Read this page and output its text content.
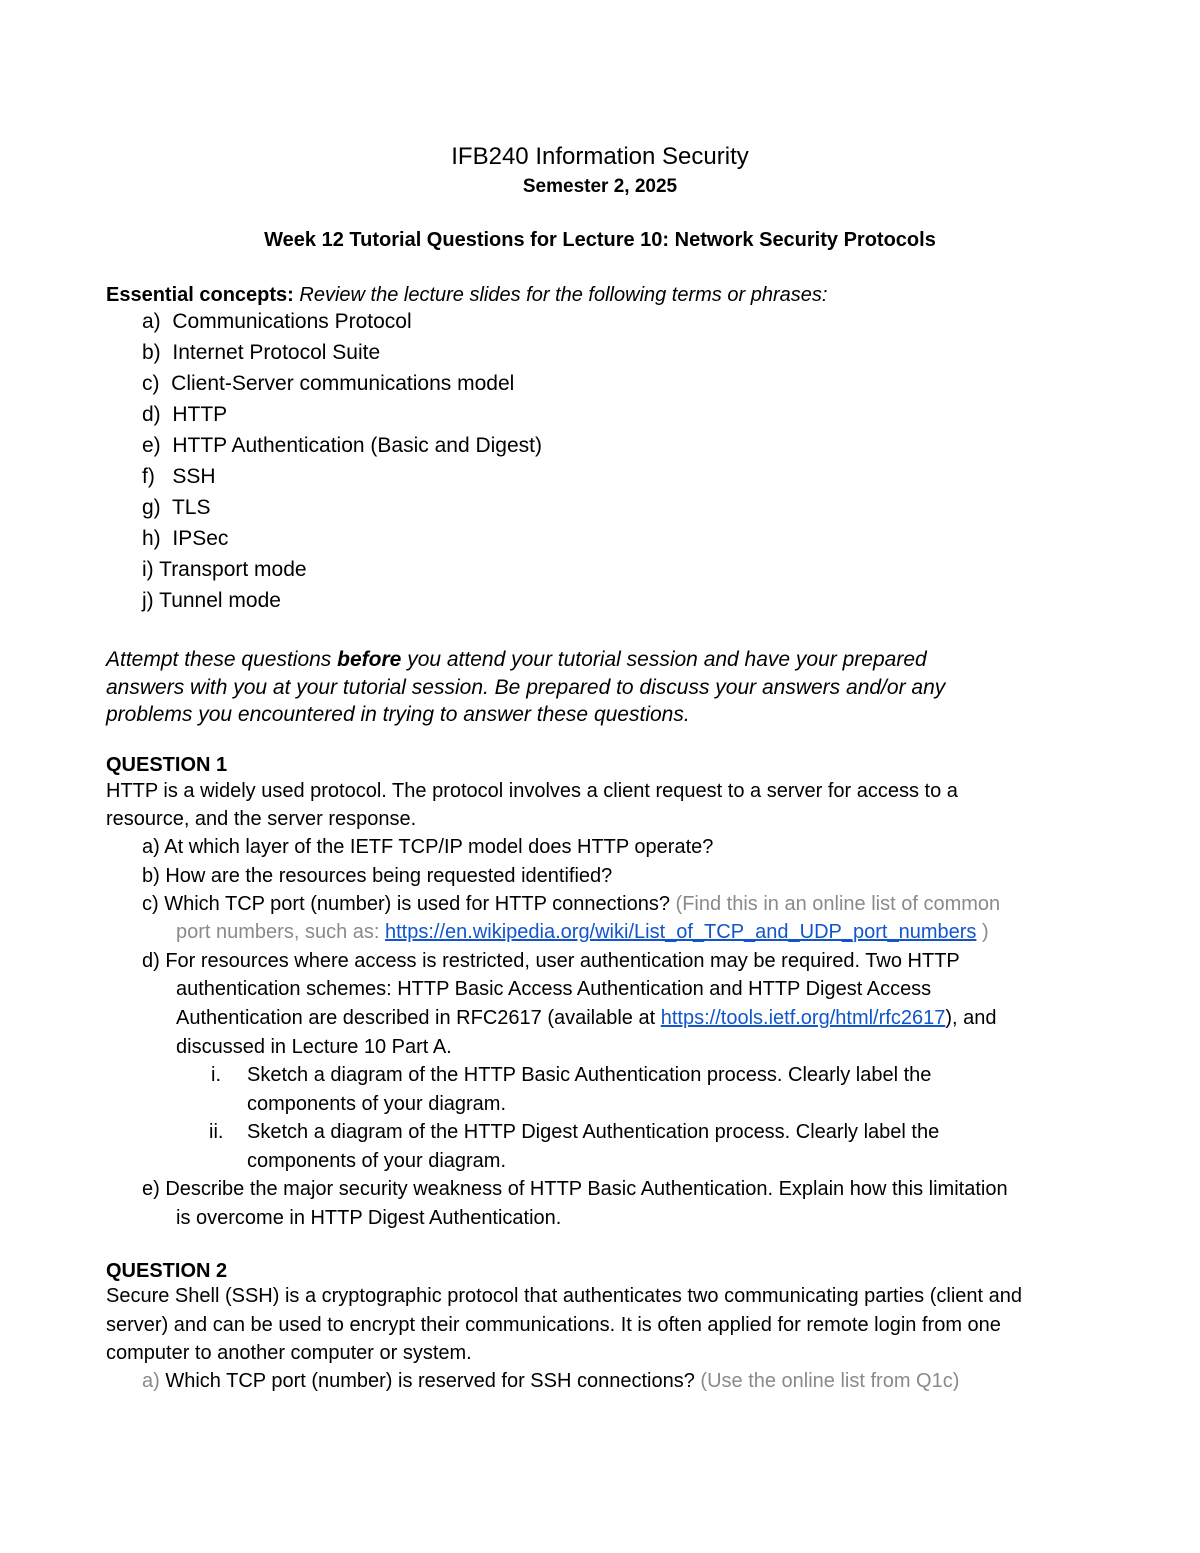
IFB240 Information Security
Semester 2, 2025
Week 12 Tutorial Questions for Lecture 10: Network Security Protocols
Essential concepts: Review the lecture slides for the following terms or phrases:
a) Communications Protocol
b) Internet Protocol Suite
c) Client-Server communications model
d) HTTP
e) HTTP Authentication (Basic and Digest)
f) SSH
g) TLS
h) IPSec
i) Transport mode
j) Tunnel mode
Attempt these questions before you attend your tutorial session and have your prepared
answers with you at your tutorial session. Be prepared to discuss your answers and/or any
problems you encountered in trying to answer these questions.
QUESTION 1
HTTP is a widely used protocol. The protocol involves a client request to a server for access to a
resource, and the server response.
a) At which layer of the IETF TCP/IP model does HTTP operate?
b) How are the resources being requested identified?
c) Which TCP port (number) is used for HTTP connections? (Find this in an online list of common
port numbers, such as: https://en.wikipedia.org/wiki/List_of_TCP_and_UDP_port_numbers )
d) For resources where access is restricted, user authentication may be required. Two HTTP
authentication schemes: HTTP Basic Access Authentication and HTTP Digest Access
Authentication are described in RFC2617 (available at https://tools.ietf.org/html/rfc2617), and
discussed in Lecture 10 Part A.
i. Sketch a diagram of the HTTP Basic Authentication process. Clearly label the
components of your diagram.
ii. Sketch a diagram of the HTTP Digest Authentication process. Clearly label the
components of your diagram.
e) Describe the major security weakness of HTTP Basic Authentication. Explain how this limitation
is overcome in HTTP Digest Authentication.
QUESTION 2
Secure Shell (SSH) is a cryptographic protocol that authenticates two communicating parties (client and
server) and can be used to encrypt their communications. It is often applied for remote login from one
computer to another computer or system.
a) Which TCP port (number) is reserved for SSH connections? (Use the online list from Q1c)
